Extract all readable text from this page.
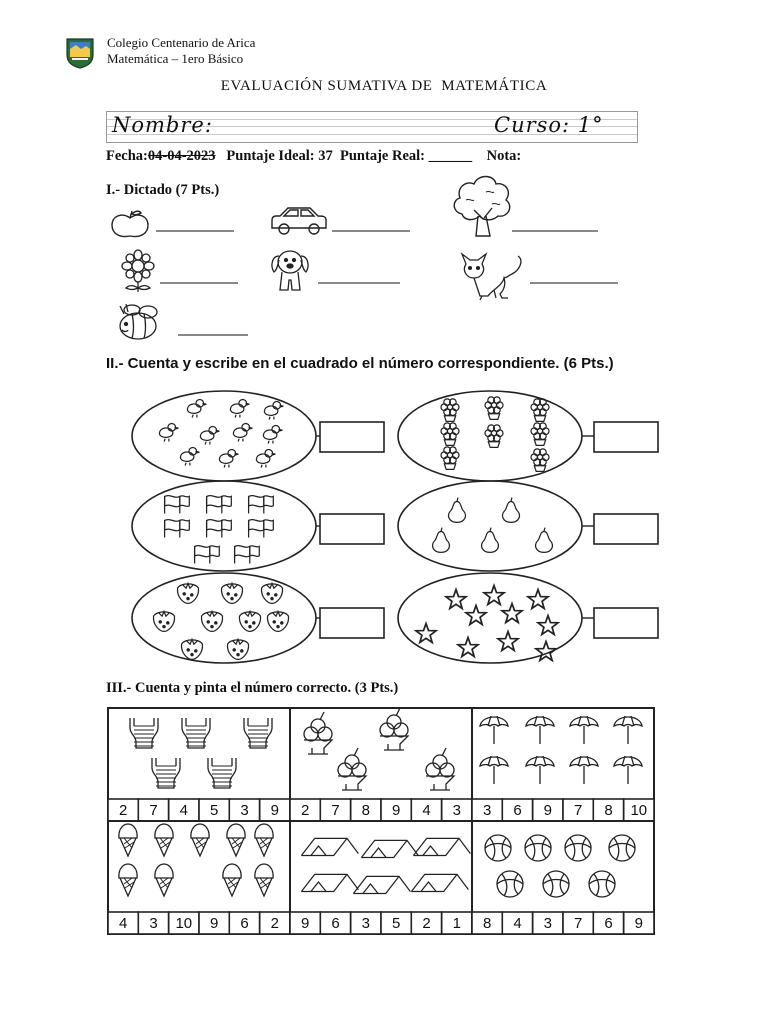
Colegio Centenario de Arica
Matemática – 1ero Básico
EVALUACIÓN SUMATIVA DE  MATEMÁTICA
Nombre:	Curso: 1°
Fecha:04-04-2023 Puntaje Ideal: 37 Puntaje Real: ______ Nota:
I.- Dictado (7 Pts.)
II.- Cuenta y escribe en el cuadrado el número correspondiente. (6 Pts.)
III.- Cuenta y pinta el número correcto. (3 Pts.)
2 7 4 5 3 9 2 7 8 9 4 3 3 6 9 7 8 10
4 3 10 9 6 2 9 6 3 5 2 1 8 4 3 7 6 9
